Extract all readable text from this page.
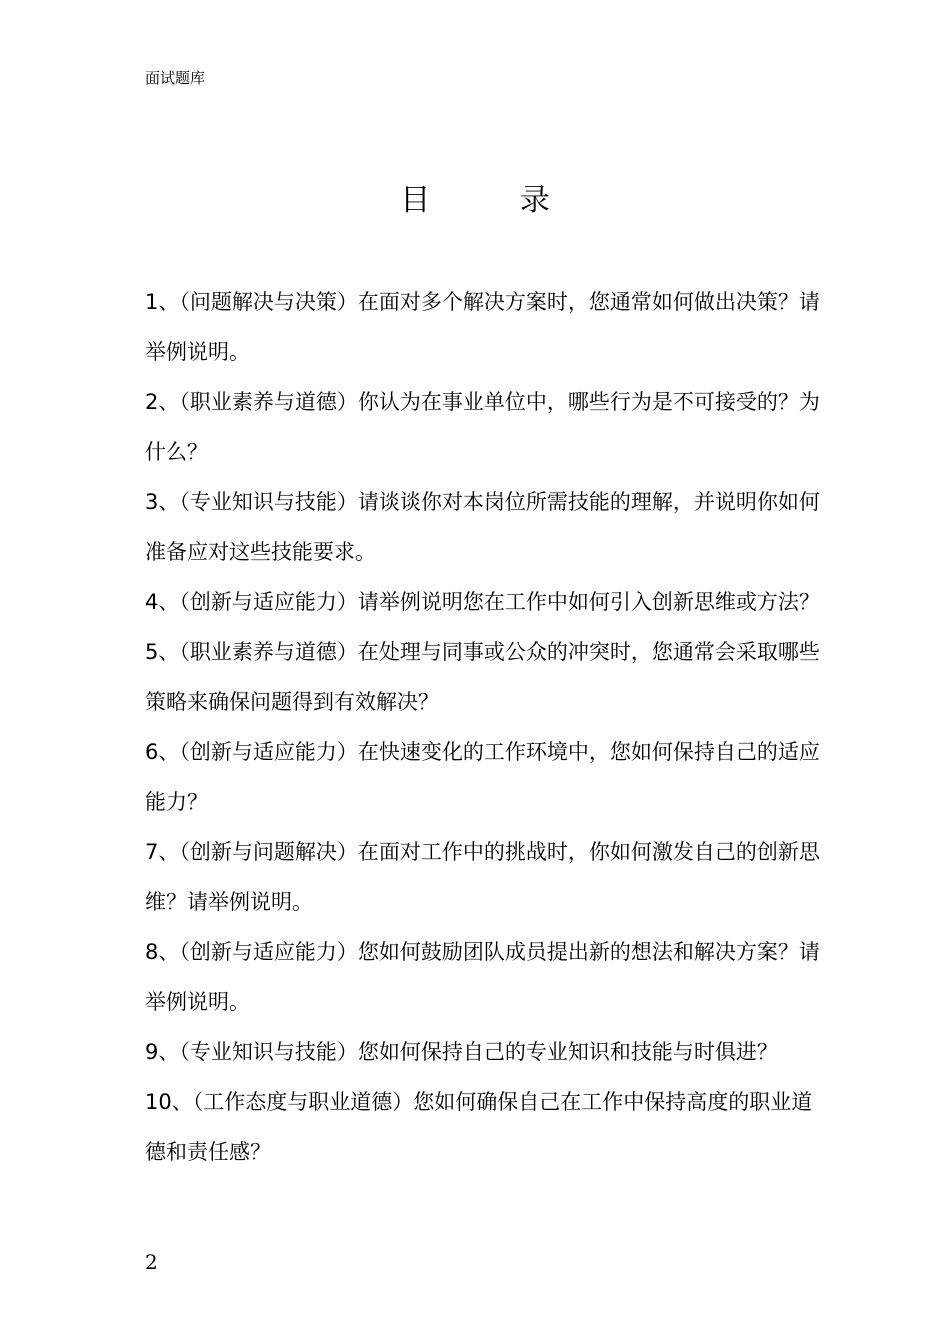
面试题库
目 录

1、（问题解决与决策）在面对多个解决方案时，您通常如何做出决策？请举例说明。

2、（职业素养与道德）你认为在事业单位中，哪些行为是不可接受的？为什么？

3、（专业知识与技能）请谈谈你对本岗位所需技能的理解，并说明你如何准备应对这些技能要求。

4、（创新与适应能力）请举例说明您在工作中如何引入创新思维或方法？

5、（职业素养与道德）在处理与同事或公众的冲突时，您通常会采取哪些策略来确保问题得到有效解决？

6、（创新与适应能力）在快速变化的工作环境中，您如何保持自己的适应能力？

7、（创新与问题解决）在面对工作中的挑战时，你如何激发自己的创新思维？请举例说明。

8、（创新与适应能力）您如何鼓励团队成员提出新的想法和解决方案？请举例说明。

9、（专业知识与技能）您如何保持自己的专业知识和技能与时俱进？

10、（工作态度与职业道德）您如何确保自己在工作中保持高度的职业道德和责任感？

2
